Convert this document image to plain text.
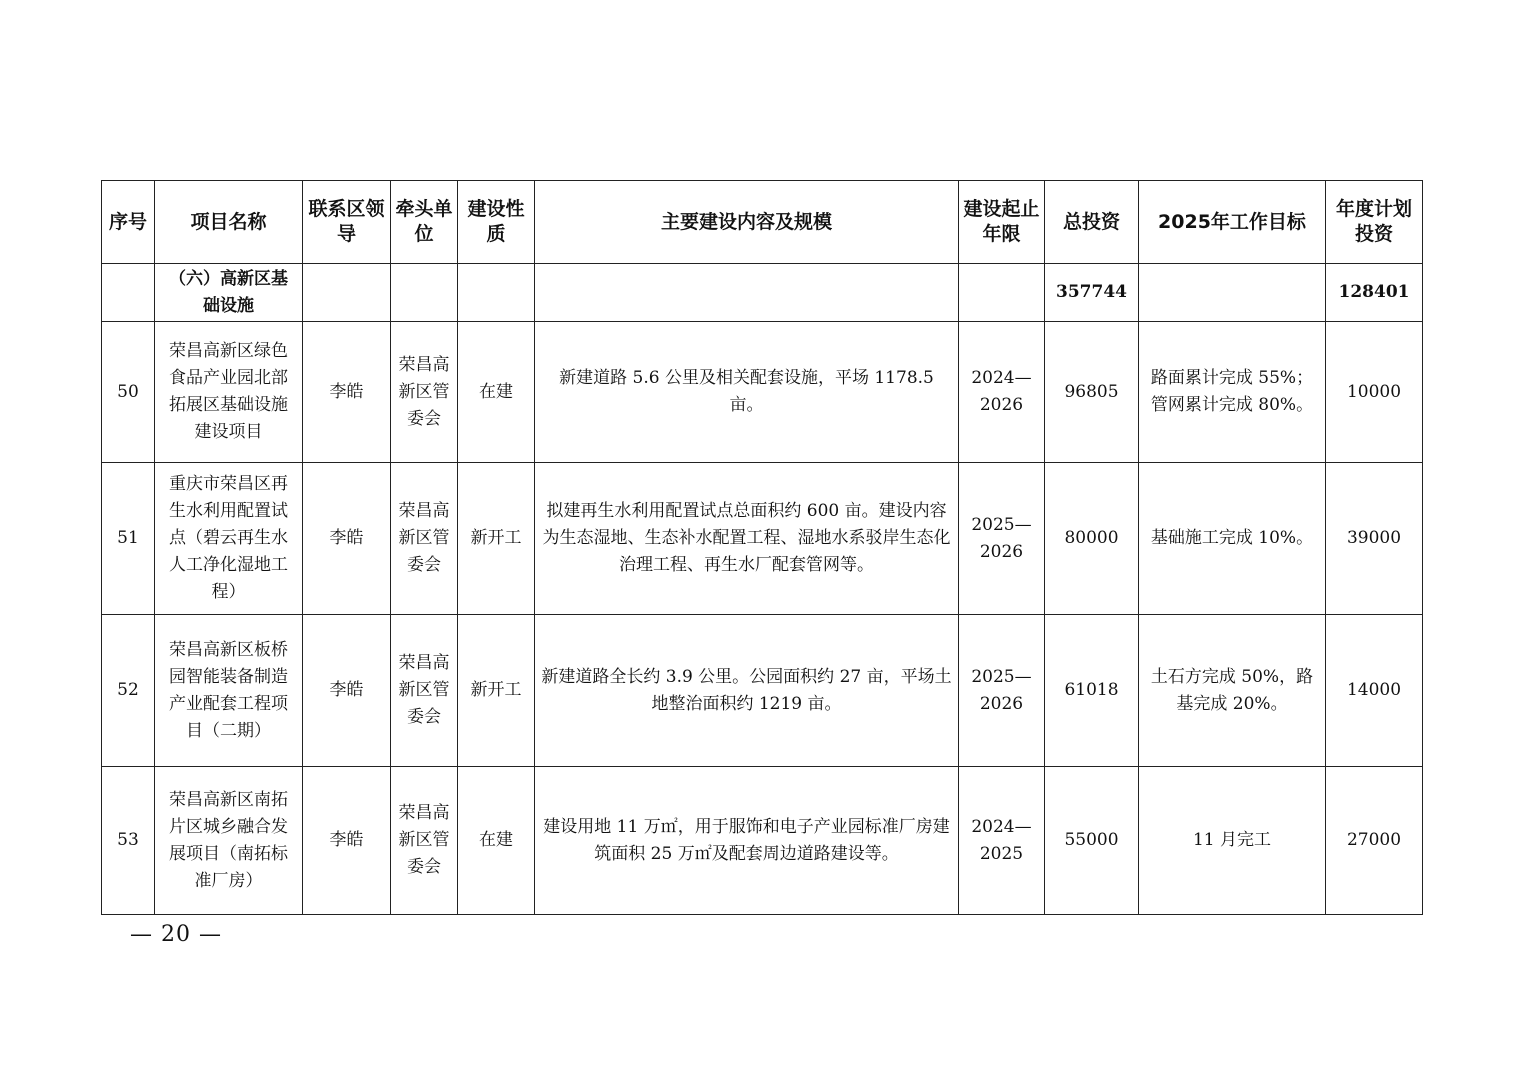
序号	项目名称	联系区领导	牵头单位	建设性质	主要建设内容及规模	建设起止年限	总投资	2025年工作目标	年度计划投资
	（六）高新区基础设施						357744		128401
50	荣昌高新区绿色食品产业园北部拓展区基础设施建设项目	李皓	荣昌高新区管委会	在建	新建道路 5.6 公里及相关配套设施，平场 1178.5 亩。	2024—2026	96805	路面累计完成 55%；管网累计完成 80%。	10000
51	重庆市荣昌区再生水利用配置试点（碧云再生水人工净化湿地工程）	李皓	荣昌高新区管委会	新开工	拟建再生水利用配置试点总面积约 600 亩。建设内容为生态湿地、生态补水配置工程、湿地水系驳岸生态化治理工程、再生水厂配套管网等。	2025—2026	80000	基础施工完成 10%。	39000
52	荣昌高新区板桥园智能装备制造产业配套工程项目（二期）	李皓	荣昌高新区管委会	新开工	新建道路全长约 3.9 公里。公园面积约 27 亩，平场土地整治面积约 1219 亩。	2025—2026	61018	土石方完成 50%，路基完成 20%。	14000
53	荣昌高新区南拓片区城乡融合发展项目（南拓标准厂房）	李皓	荣昌高新区管委会	在建	建设用地 11 万㎡，用于服饰和电子产业园标准厂房建筑面积 25 万㎡及配套周边道路建设等。	2024—2025	55000	11 月完工	27000
— 20 —
